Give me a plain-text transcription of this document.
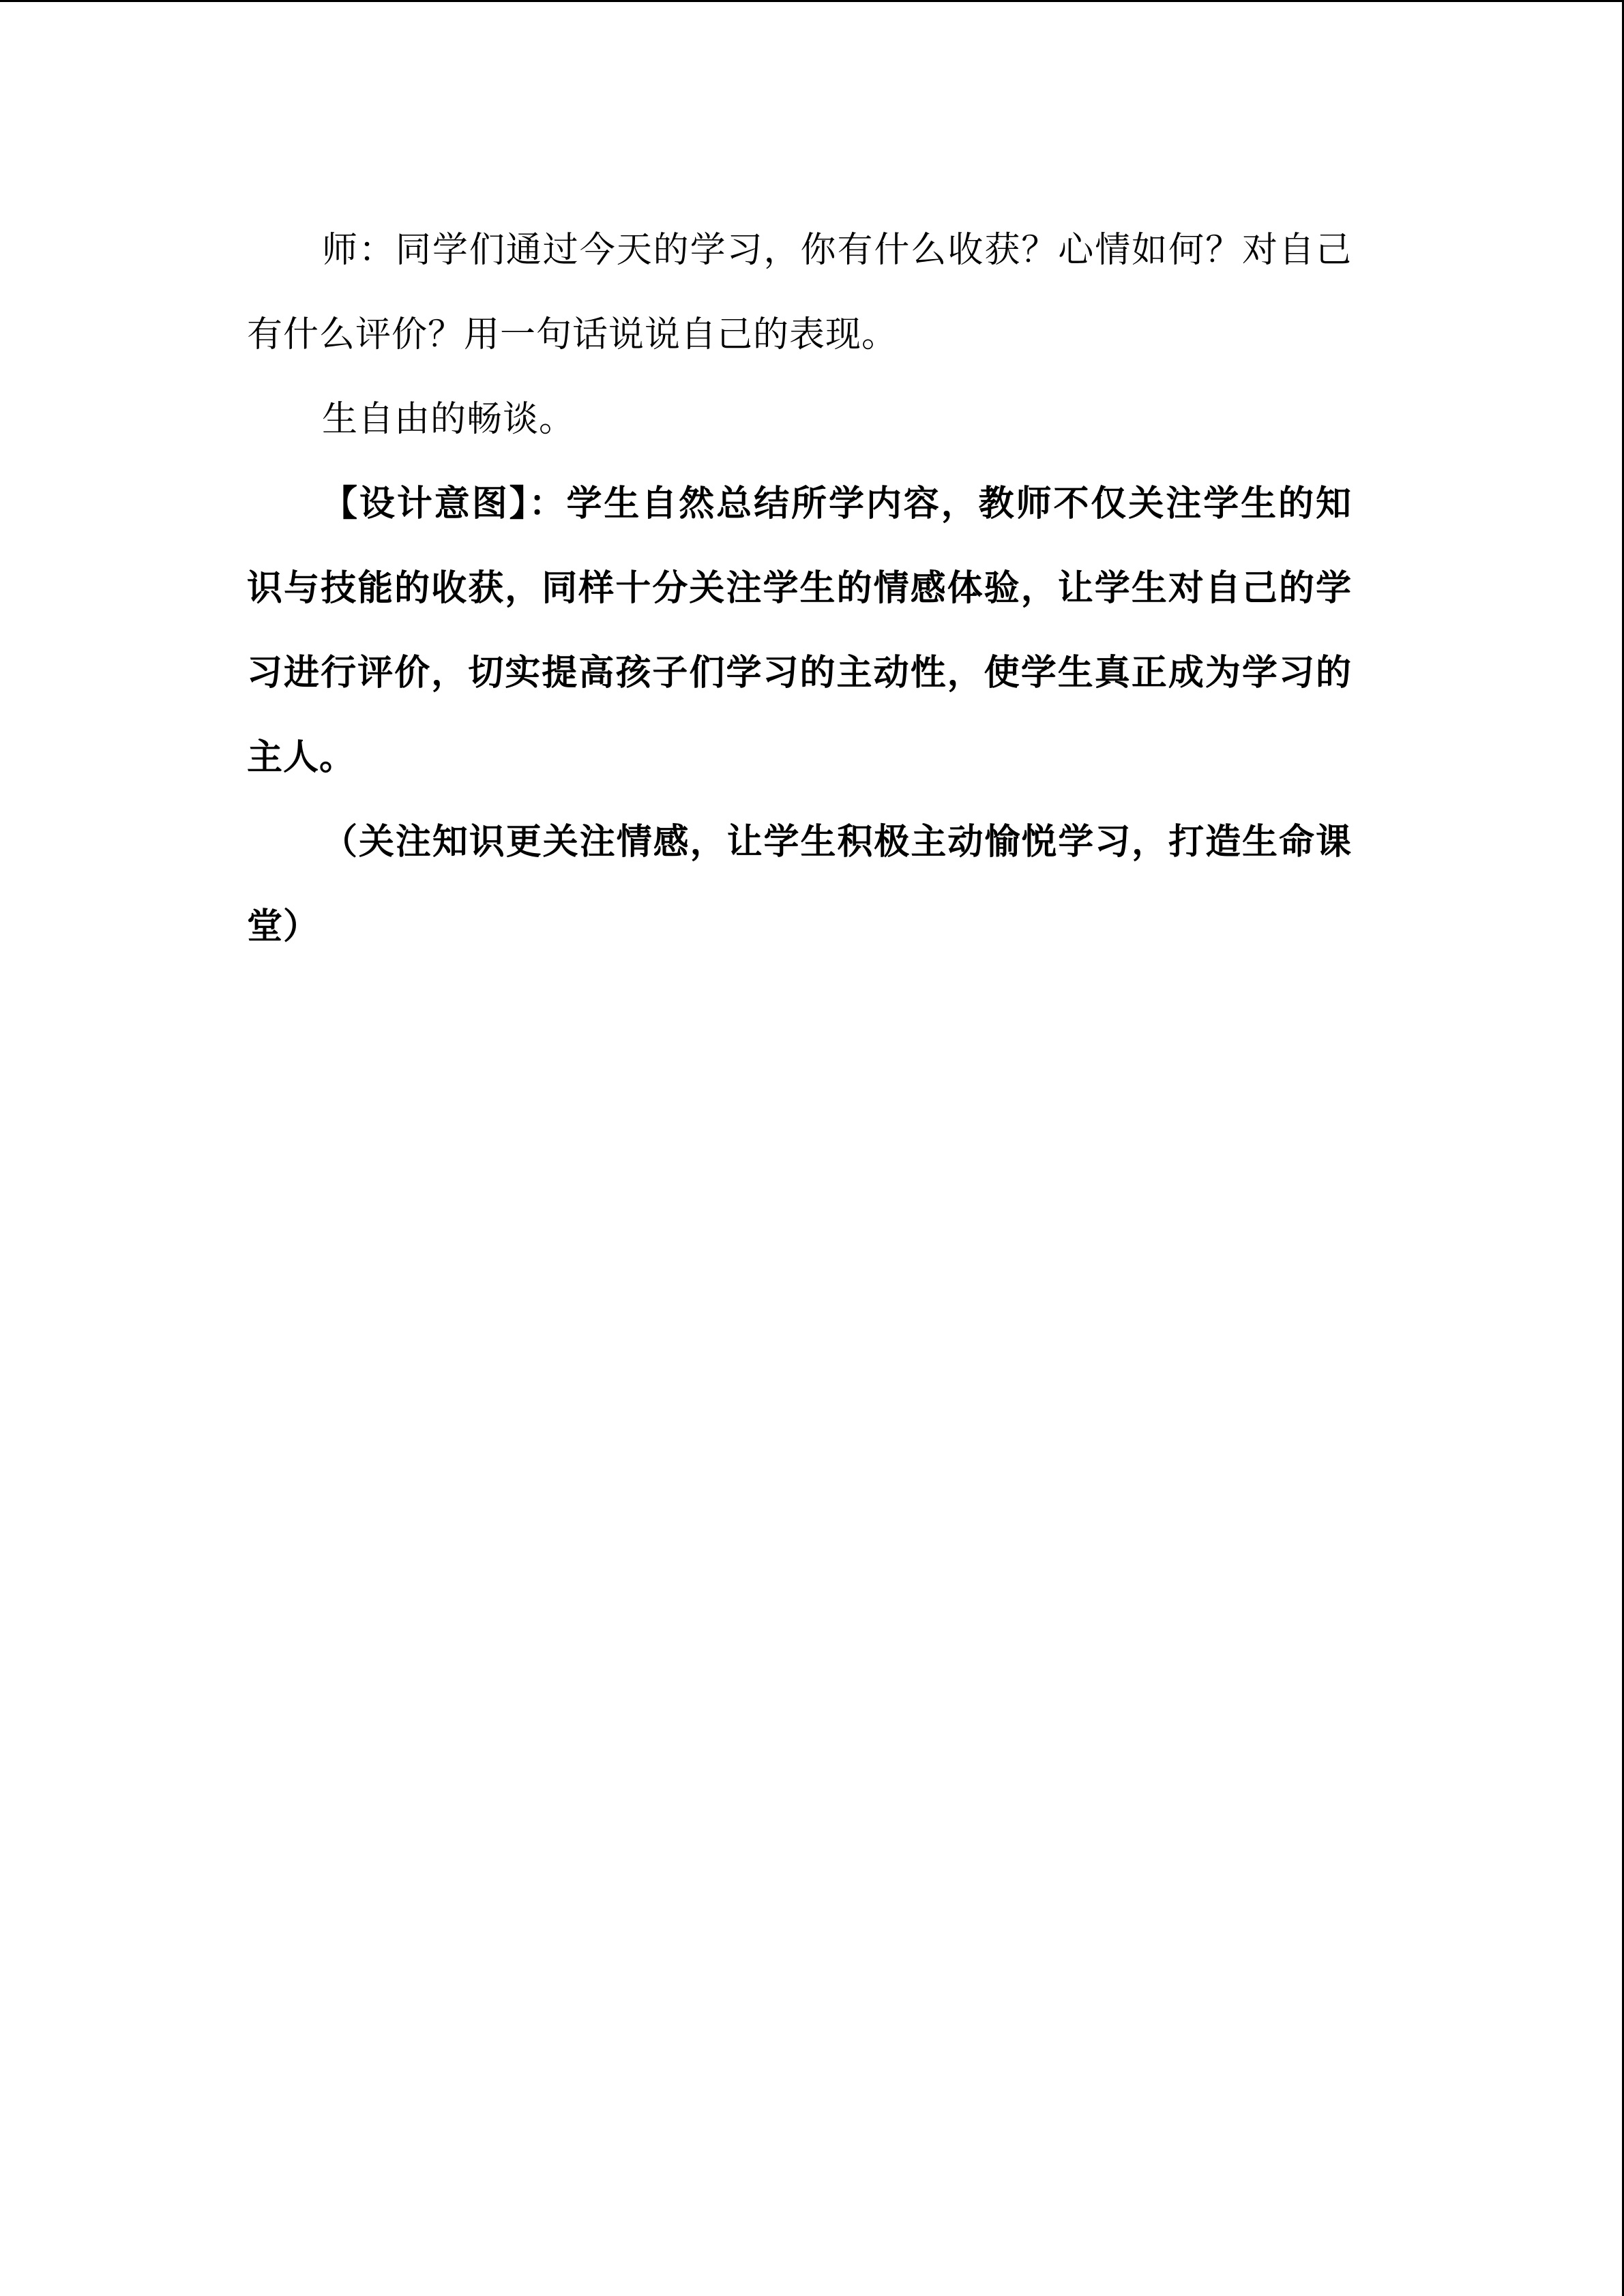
师：同学们通过今天的学习，你有什么收获？心情如何？对自己有什么评价？用一句话说说自己的表现。

生自由的畅谈。

【设计意图】：学生自然总结所学内容，教师不仅关注学生的知识与技能的收获，同样十分关注学生的情感体验，让学生对自己的学习进行评价，切实提高孩子们学习的主动性，使学生真正成为学习的主人。

（关注知识更关注情感，让学生积极主动愉悦学习，打造生命课堂）
